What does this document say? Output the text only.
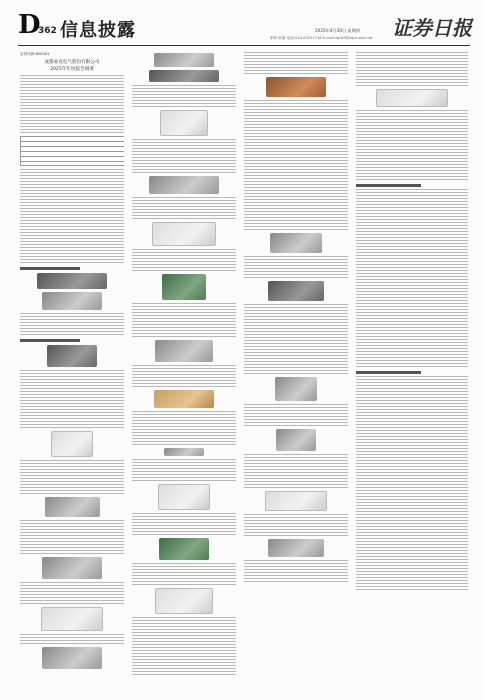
D
362 信息披露	2025年4月30日 星期四
制作:何嘉 电话:010-83251716 E-mail:zqrb9@zqrb.sina.net 证券日报
证券代码:600001
成都豪克电气股份有限公司
2025年年度报告摘要
